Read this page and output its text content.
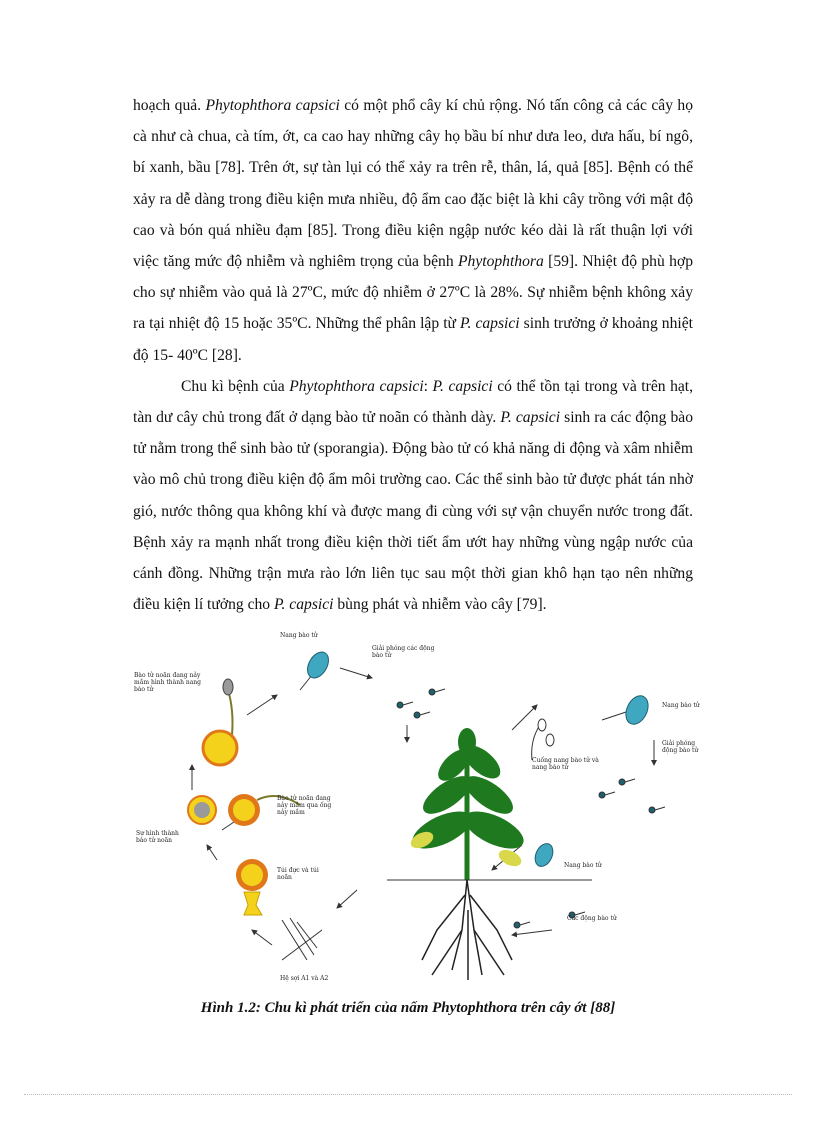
hoạch quả. Phytophthora capsici có một phổ cây kí chủ rộng. Nó tấn công cả các cây họ cà như cà chua, cà tím, ớt, ca cao hay những cây họ bầu bí như dưa leo, dưa hấu, bí ngô, bí xanh, bầu [78]. Trên ớt, sự tàn lụi có thể xảy ra trên rễ, thân, lá, quả [85]. Bệnh có thể xảy ra dễ dàng trong điều kiện mưa nhiều, độ ẩm cao đặc biệt là khi cây trồng với mật độ cao và bón quá nhiều đạm [85]. Trong điều kiện ngập nước kéo dài là rất thuận lợi với việc tăng mức độ nhiễm và nghiêm trọng của bệnh Phytophthora [59]. Nhiệt độ phù hợp cho sự nhiễm vào quả là 27ºC, mức độ nhiễm ở 27ºC là 28%. Sự nhiễm bệnh không xảy ra tại nhiệt độ 15 hoặc 35ºC. Những thể phân lập từ P. capsici sinh trưởng ở khoảng nhiệt độ 15- 40ºC [28].

Chu kì bệnh của Phytophthora capsici: P. capsici có thể tồn tại trong và trên hạt, tàn dư cây chủ trong đất ở dạng bào tử noãn có thành dày. P. capsici sinh ra các động bào tử nằm trong thể sinh bào tử (sporangia). Động bào tử có khả năng di động và xâm nhiễm vào mô chủ trong điều kiện độ ẩm môi trường cao. Các thể sinh bào tử được phát tán nhờ gió, nước thông qua không khí và được mang đi cùng với sự vận chuyển nước trong đất. Bệnh xảy ra mạnh nhất trong điều kiện thời tiết ẩm ướt hay những vùng ngập nước của cánh đồng. Những trận mưa rào lớn liên tục sau một thời gian khô hạn tạo nên những điều kiện lí tưởng cho P. capsici bùng phát và nhiễm vào cây [79].

Nang bào tử
Giải phóng các động bào tử
Bào tử noãn đang nảy mầm hình thành nang bào tử
Nang bào tử
Giải phóng động bào tử
Cuống nang bào tử và nang bào tử
Bào tử noãn đang nảy mầm qua ống nảy mầm
Sự hình thành bào tử noãn
Túi đực và túi noãn
Nang bào tử
Các động bào tử
Hệ sợi A1 và A2
Hình 1.2: Chu kì phát triển của nấm Phytophthora trên cây ớt [88]
